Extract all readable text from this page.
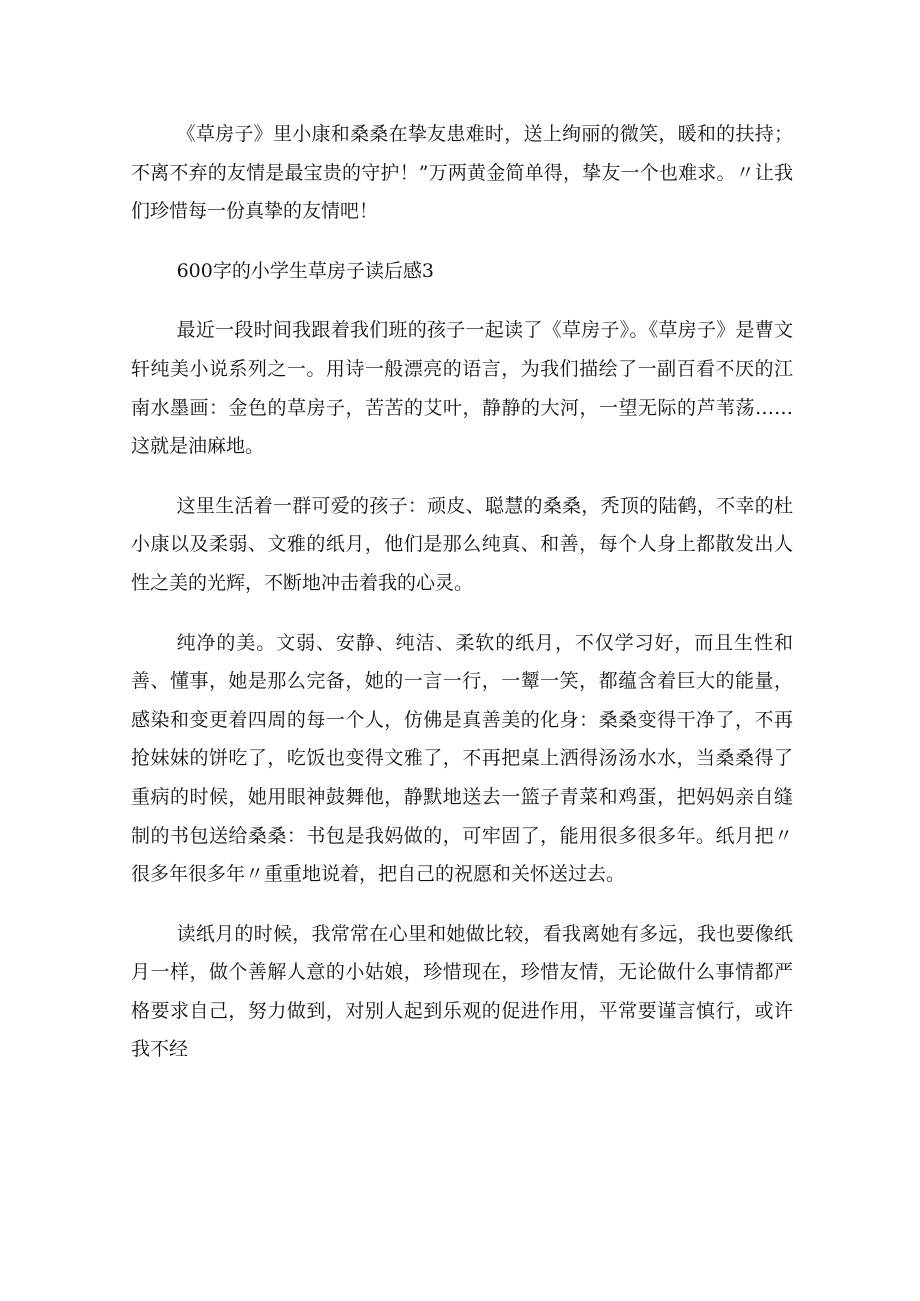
《草房子》里小康和桑桑在挚友患难时，送上绚丽的微笑，暖和的扶持；不离不弃的友情是最宝贵的守护！”万两黄金简单得，挚友一个也难求。〃让我们珍惜每一份真挚的友情吧！

600字的小学生草房子读后感3

最近一段时间我跟着我们班的孩子一起读了《草房子》。《草房子》是曹文轩纯美小说系列之一。用诗一般漂亮的语言，为我们描绘了一副百看不厌的江南水墨画：金色的草房子，苦苦的艾叶，静静的大河，一望无际的芦苇荡……这就是油麻地。

这里生活着一群可爱的孩子：顽皮、聪慧的桑桑，秃顶的陆鹤，不幸的杜小康以及柔弱、文雅的纸月，他们是那么纯真、和善，每个人身上都散发出人性之美的光辉，不断地冲击着我的心灵。

纯净的美。文弱、安静、纯洁、柔软的纸月，不仅学习好，而且生性和善、懂事，她是那么完备，她的一言一行，一颦一笑，都蕴含着巨大的能量，感染和变更着四周的每一个人，仿佛是真善美的化身：桑桑变得干净了，不再抢妹妹的饼吃了，吃饭也变得文雅了，不再把桌上洒得汤汤水水，当桑桑得了重病的时候，她用眼神鼓舞他，静默地送去一篮子青菜和鸡蛋，把妈妈亲自缝制的书包送给桑桑：书包是我妈做的，可牢固了，能用很多很多年。纸月把〃很多年很多年〃重重地说着，把自己的祝愿和关怀送过去。

读纸月的时候，我常常在心里和她做比较，看我离她有多远，我也要像纸月一样，做个善解人意的小姑娘，珍惜现在，珍惜友情，无论做什么事情都严格要求自己，努力做到，对别人起到乐观的促进作用，平常要谨言慎行，或许我不经
